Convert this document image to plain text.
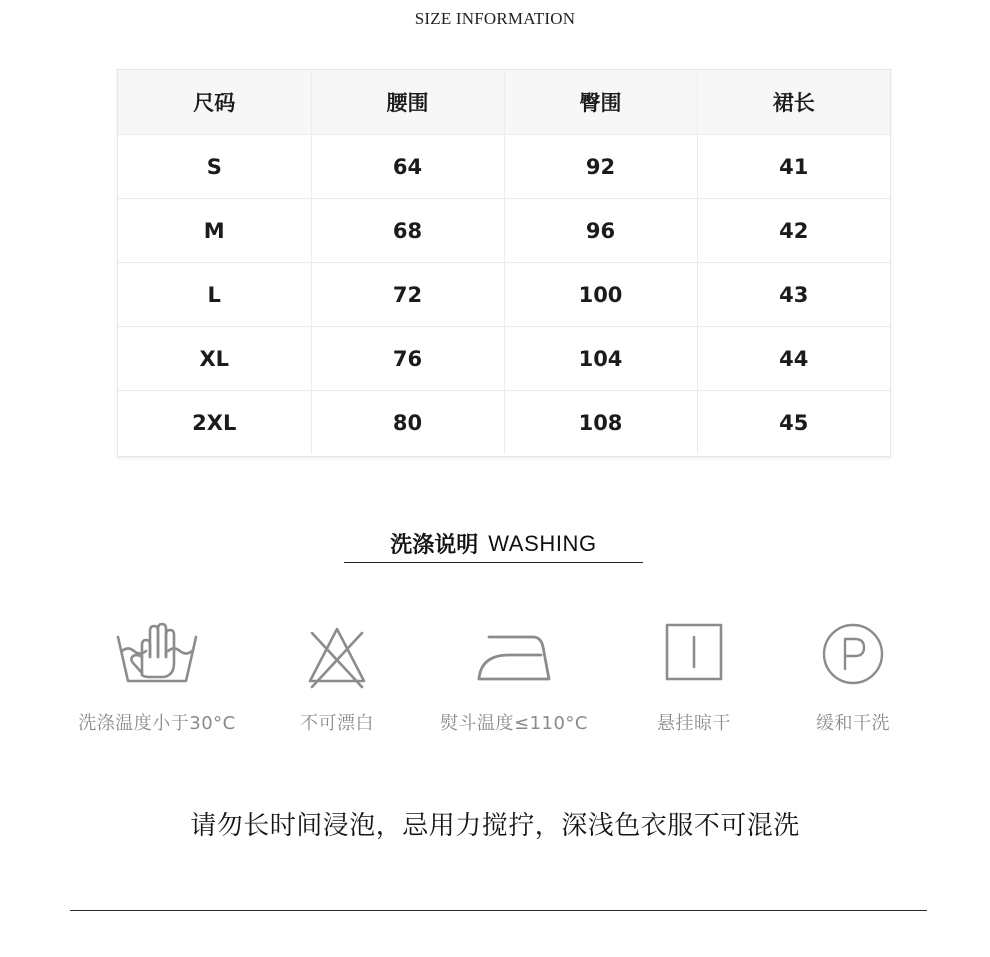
SIZE INFORMATION
尺码	腰围	臀围	裙长
S	64	92	41
M	68	96	42
L	72	100	43
XL	76	104	44
2XL	80	108	45
洗涤说明 WASHING
洗涤温度小于30°C	不可漂白	熨斗温度≤110°C	悬挂晾干	缓和干洗
请勿长时间浸泡，忌用力搅拧，深浅色衣服不可混洗
